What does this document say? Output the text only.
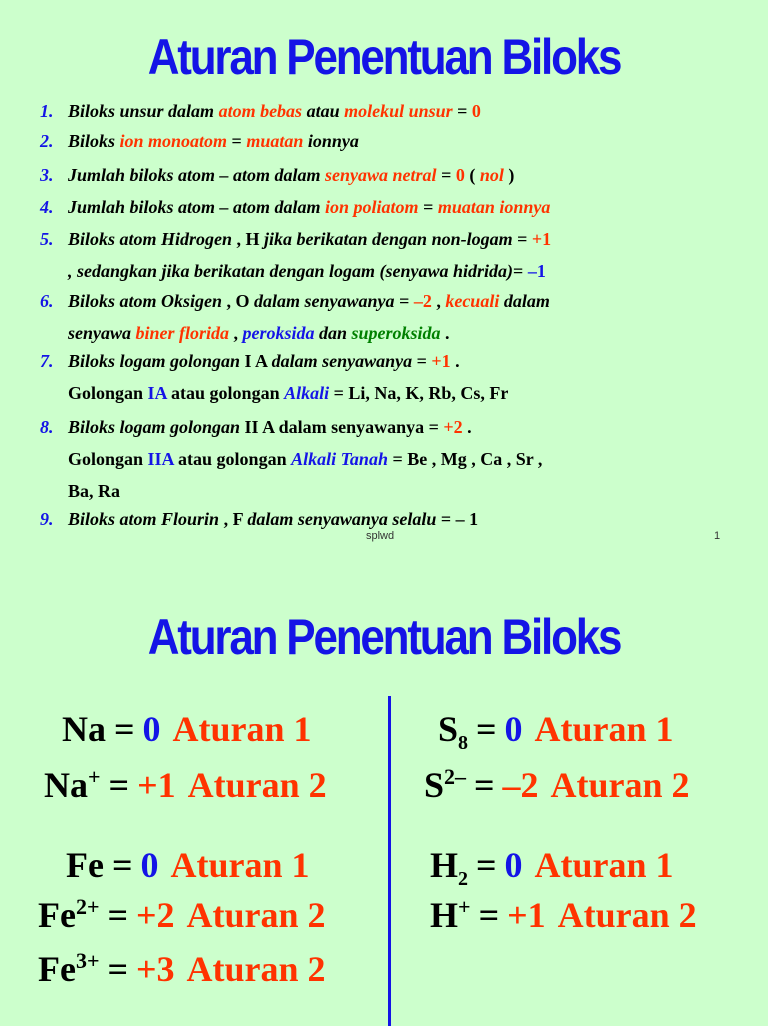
Aturan Penentuan Biloks
1. Biloks unsur dalam atom bebas atau molekul unsur = 0
2. Biloks ion monoatom = muatan ionnya
3. Jumlah biloks atom – atom dalam senyawa netral = 0 ( nol )
4. Jumlah biloks atom – atom dalam ion poliatom = muatan ionnya
5. Biloks atom Hidrogen , H jika berikatan dengan non-logam = +1
, sedangkan jika berikatan dengan logam (senyawa hidrida)= –1
6. Biloks atom Oksigen , O dalam senyawanya = –2 , kecuali dalam
senyawa biner florida , peroksida dan superoksida .
7. Biloks logam golongan I A dalam senyawanya = +1 .
Golongan IA atau golongan Alkali = Li, Na, K, Rb, Cs, Fr
8. Biloks logam golongan II A dalam senyawanya = +2 .
Golongan IIA atau golongan Alkali Tanah = Be , Mg , Ca , Sr ,
Ba, Ra
9. Biloks atom Flourin , F dalam senyawanya selalu = – 1
splwd	1
Aturan Penentuan Biloks
Na = 0 Aturan 1
Na+ = +1 Aturan 2
Fe = 0 Aturan 1
$Fe^{2+} = +2$ Aturan 2
$Fe^{3+} = +3$ Aturan 2
$S_8 = 0$ Aturan 1
$S^{2-} = -2$ Aturan 2
$H_2 = 0$ Aturan 1
H+ = +1 Aturan 2
